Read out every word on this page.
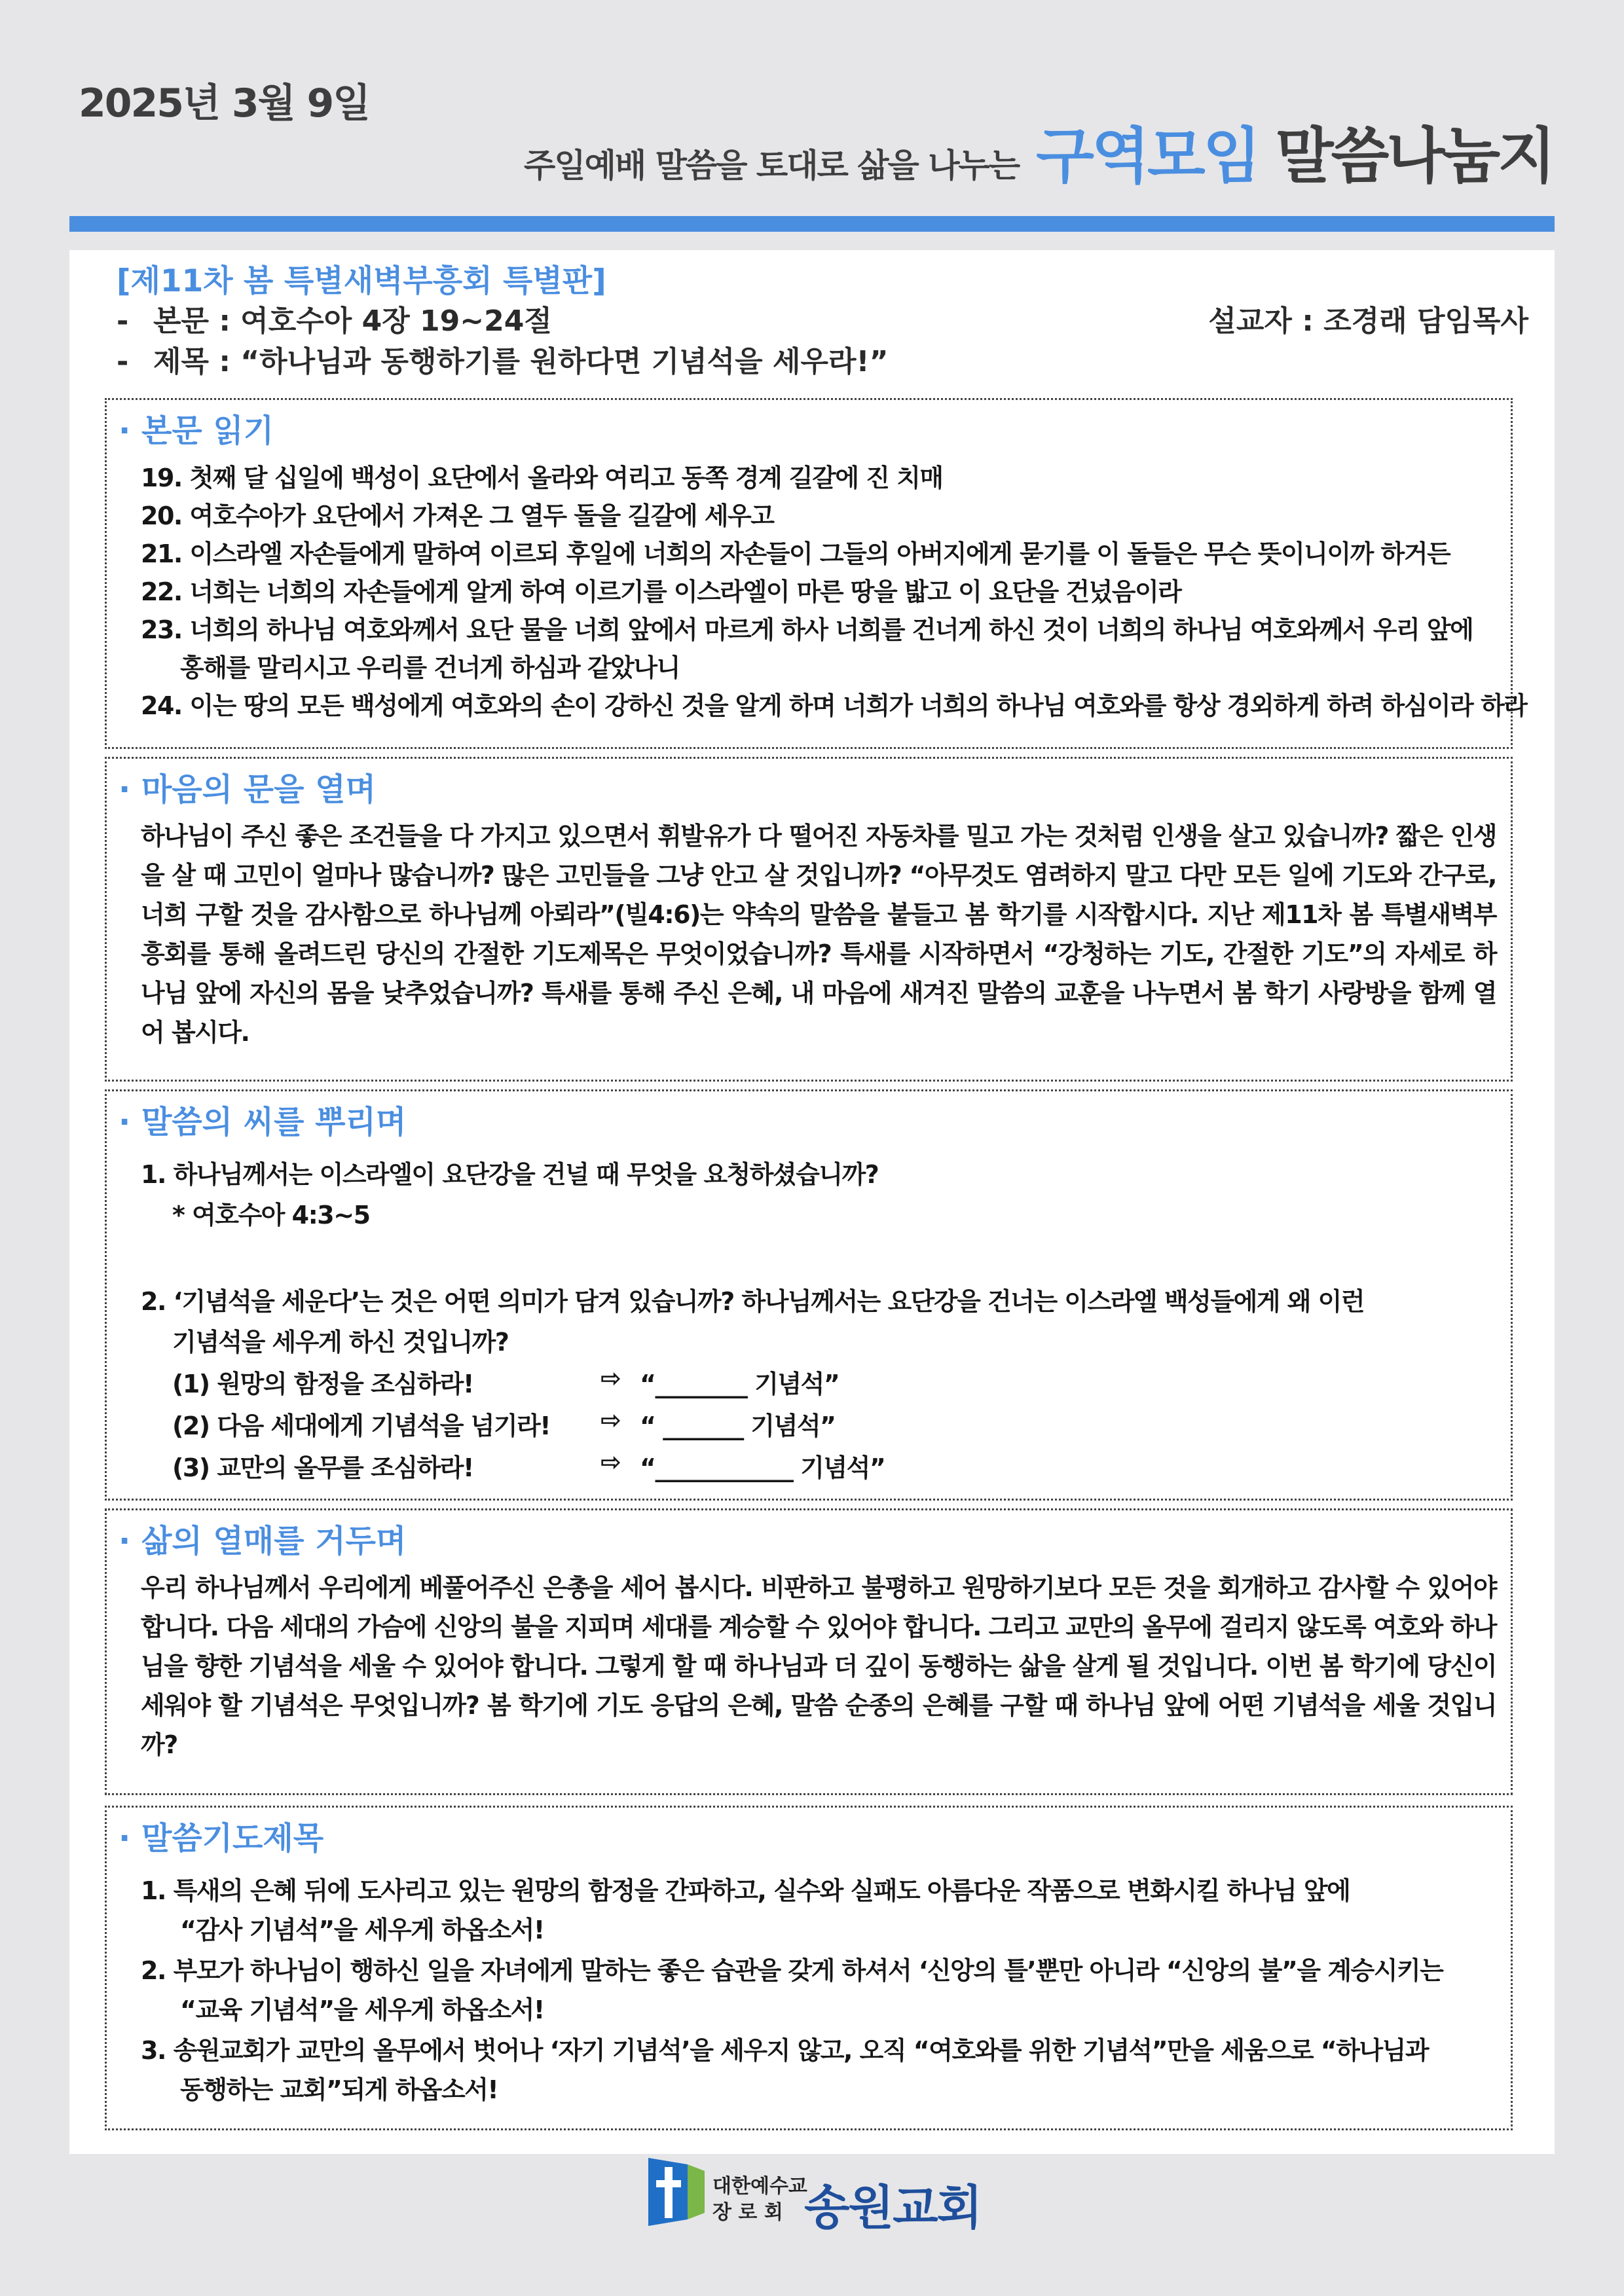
2025년 3월 9일
주일예배 말씀을 토대로 삶을 나누는 구역모임 말씀나눔지
[제11차 봄 특별새벽부흥회 특별판]
- 본문 : 여호수아 4장 19~24절	설교자 : 조경래 담임목사
- 제목 : “하나님과 동행하기를 원하다면 기념석을 세우라!”
· 본문 읽기
19. 첫째 달 십일에 백성이 요단에서 올라와 여리고 동쪽 경계 길갈에 진 치매
20. 여호수아가 요단에서 가져온 그 열두 돌을 길갈에 세우고
21. 이스라엘 자손들에게 말하여 이르되 후일에 너희의 자손들이 그들의 아버지에게 묻기를 이 돌들은 무슨 뜻이니이까 하거든
22. 너희는 너희의 자손들에게 알게 하여 이르기를 이스라엘이 마른 땅을 밟고 이 요단을 건넜음이라
23. 너희의 하나님 여호와께서 요단 물을 너희 앞에서 마르게 하사 너희를 건너게 하신 것이 너희의 하나님 여호와께서 우리 앞에
홍해를 말리시고 우리를 건너게 하심과 같았나니
24. 이는 땅의 모든 백성에게 여호와의 손이 강하신 것을 알게 하며 너희가 너희의 하나님 여호와를 항상 경외하게 하려 하심이라 하라
· 마음의 문을 열며
하나님이 주신 좋은 조건들을 다 가지고 있으면서 휘발유가 다 떨어진 자동차를 밀고 가는 것처럼 인생을 살고 있습니까? 짧은 인생을 살 때 고민이 얼마나 많습니까? 많은 고민들을 그냥 안고 살 것입니까? “아무것도 염려하지 말고 다만 모든 일에 기도와 간구로, 너희 구할 것을 감사함으로 하나님께 아뢰라”(빌4:6)는 약속의 말씀을 붙들고 봄 학기를 시작합시다. 지난 제11차 봄 특별새벽부흥회를 통해 올려드린 당신의 간절한 기도제목은 무엇이었습니까? 특새를 시작하면서 “강청하는 기도, 간절한 기도”의 자세로 하나님 앞에 자신의 몸을 낮추었습니까? 특새를 통해 주신 은혜, 내 마음에 새겨진 말씀의 교훈을 나누면서 봄 학기 사랑방을 함께 열어 봅시다.
· 말씀의 씨를 뿌리며
1. 하나님께서는 이스라엘이 요단강을 건널 때 무엇을 요청하셨습니까?
* 여호수아 4:3~5
2. ‘기념석을 세운다’는 것은 어떤 의미가 담겨 있습니까? 하나님께서는 요단강을 건너는 이스라엘 백성들에게 왜 이런
기념석을 세우게 하신 것입니까?
(1) 원망의 함정을 조심하라!	⇨ “________ 기념석”
(2) 다음 세대에게 기념석을 넘기라! ⇨ “ _______ 기념석”
(3) 교만의 올무를 조심하라!	⇨ “____________ 기념석”
· 삶의 열매를 거두며
우리 하나님께서 우리에게 베풀어주신 은총을 세어 봅시다. 비판하고 불평하고 원망하기보다 모든 것을 회개하고 감사할 수 있어야 합니다. 다음 세대의 가슴에 신앙의 불을 지피며 세대를 계승할 수 있어야 합니다. 그리고 교만의 올무에 걸리지 않도록 여호와 하나님을 향한 기념석을 세울 수 있어야 합니다. 그렇게 할 때 하나님과 더 깊이 동행하는 삶을 살게 될 것입니다. 이번 봄 학기에 당신이 세워야 할 기념석은 무엇입니까? 봄 학기에 기도 응답의 은혜, 말씀 순종의 은혜를 구할 때 하나님 앞에 어떤 기념석을 세울 것입니까?
· 말씀기도제목
1. 특새의 은혜 뒤에 도사리고 있는 원망의 함정을 간파하고, 실수와 실패도 아름다운 작품으로 변화시킬 하나님 앞에
“감사 기념석”을 세우게 하옵소서!
2. 부모가 하나님이 행하신 일을 자녀에게 말하는 좋은 습관을 갖게 하셔서 ‘신앙의 틀’뿐만 아니라 “신앙의 불”을 계승시키는
“교육 기념석”을 세우게 하옵소서!
3. 송원교회가 교만의 올무에서 벗어나 ‘자기 기념석’을 세우지 않고, 오직 “여호와를 위한 기념석”만을 세움으로 “하나님과
동행하는 교회”되게 하옵소서!
대한예수교
장 로 회 송원교회
